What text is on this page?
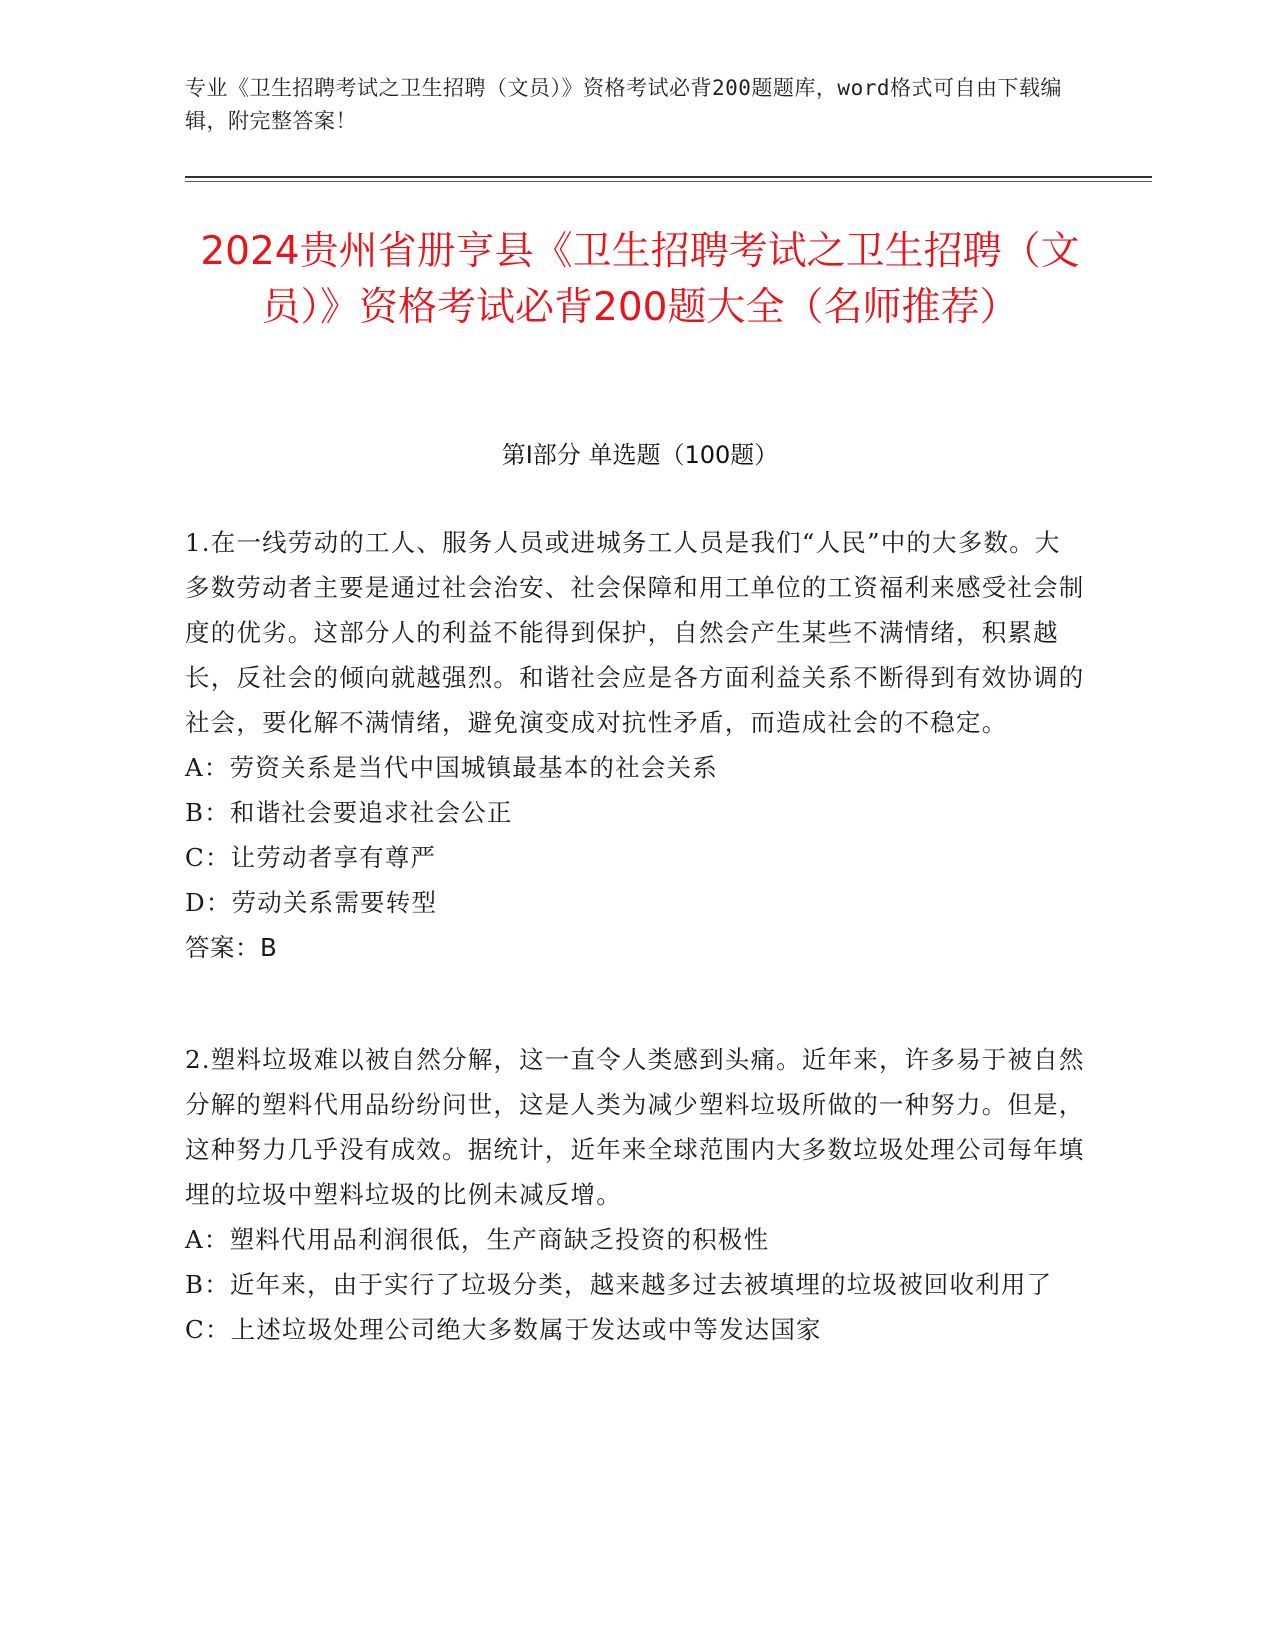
专业《卫生招聘考试之卫生招聘（文员）》资格考试必背200题题库，word格式可自由下载编辑，附完整答案！
2024贵州省册亨县《卫生招聘考试之卫生招聘（文员）》资格考试必背200题大全（名师推荐）
第I部分 单选题（100题）
1.在一线劳动的工人、服务人员或进城务工人员是我们“人民”中的大多数。大多数劳动者主要是通过社会治安、社会保障和用工单位的工资福利来感受社会制度的优劣。这部分人的利益不能得到保护，自然会产生某些不满情绪，积累越长，反社会的倾向就越强烈。和谐社会应是各方面利益关系不断得到有效协调的社会，要化解不满情绪，避免演变成对抗性矛盾，而造成社会的不稳定。
A：劳资关系是当代中国城镇最基本的社会关系
B：和谐社会要追求社会公正
C：让劳动者享有尊严
D：劳动关系需要转型
答案：B
2.塑料垃圾难以被自然分解，这一直令人类感到头痛。近年来，许多易于被自然分解的塑料代用品纷纷问世，这是人类为减少塑料垃圾所做的一种努力。但是，这种努力几乎没有成效。据统计，近年来全球范围内大多数垃圾处理公司每年填埋的垃圾中塑料垃圾的比例未减反增。
A：塑料代用品利润很低，生产商缺乏投资的积极性
B：近年来，由于实行了垃圾分类，越来越多过去被填埋的垃圾被回收利用了
C：上述垃圾处理公司绝大多数属于发达或中等发达国家
